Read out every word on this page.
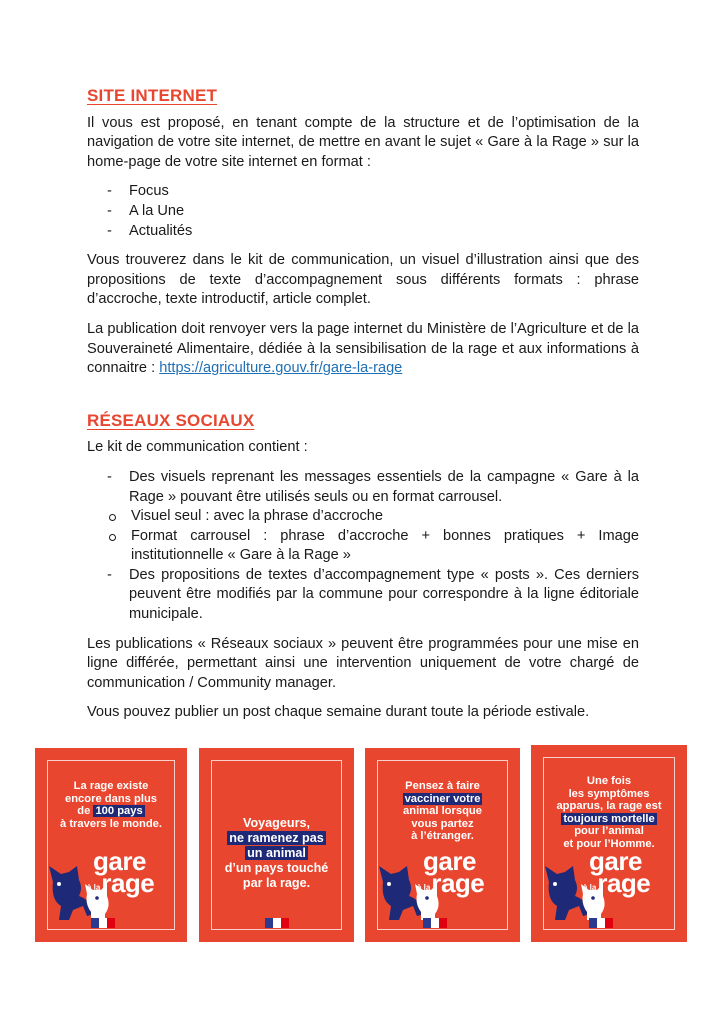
SITE INTERNET

Il vous est proposé, en tenant compte de la structure et de l’optimisation de la navigation de votre site internet, de mettre en avant le sujet « Gare à la Rage » sur la home-page de votre site internet en format :

- Focus
- A la Une
- Actualités

Vous trouverez dans le kit de communication, un visuel d’illustration ainsi que des propositions de texte d’accompagnement sous différents formats : phrase d’accroche, texte introductif, article complet.

La publication doit renvoyer vers la page internet du Ministère de l’Agriculture et de la Souveraineté Alimentaire, dédiée à la sensibilisation de la rage et aux informations à connaitre : https://agriculture.gouv.fr/gare-la-rage

RÉSEAUX SOCIAUX

Le kit de communication contient :

- Des visuels reprenant les messages essentiels de la campagne « Gare à la Rage » pouvant être utilisés seuls ou en format carrousel.
Visuel seul : avec la phrase d’accroche
Format carrousel : phrase d’accroche + bonnes pratiques + Image institutionnelle « Gare à la Rage »
- Des propositions de textes d’accompagnement type « posts ». Ces derniers peuvent être modifiés par la commune pour correspondre à la ligne éditoriale municipale.

Les publications « Réseaux sociaux » peuvent être programmées pour une mise en ligne différée, permettant ainsi une intervention uniquement de votre chargé de communication / Community manager.

Vous pouvez publier un post chaque semaine durant toute la période estivale.

La rage existe
encore dans plus
de 100 pays
à travers le monde.
gare
à larage
Voyageurs,
ne ramenez pas
un animal
d’un pays touché
par la rage.
Pensez à faire
vacciner votre
animal lorsque
vous partez
à l’étranger.
gare
à larage
Une fois
les symptômes
apparus, la rage est
toujours mortelle
pour l’animal
et pour l’Homme.
gare
à larage
